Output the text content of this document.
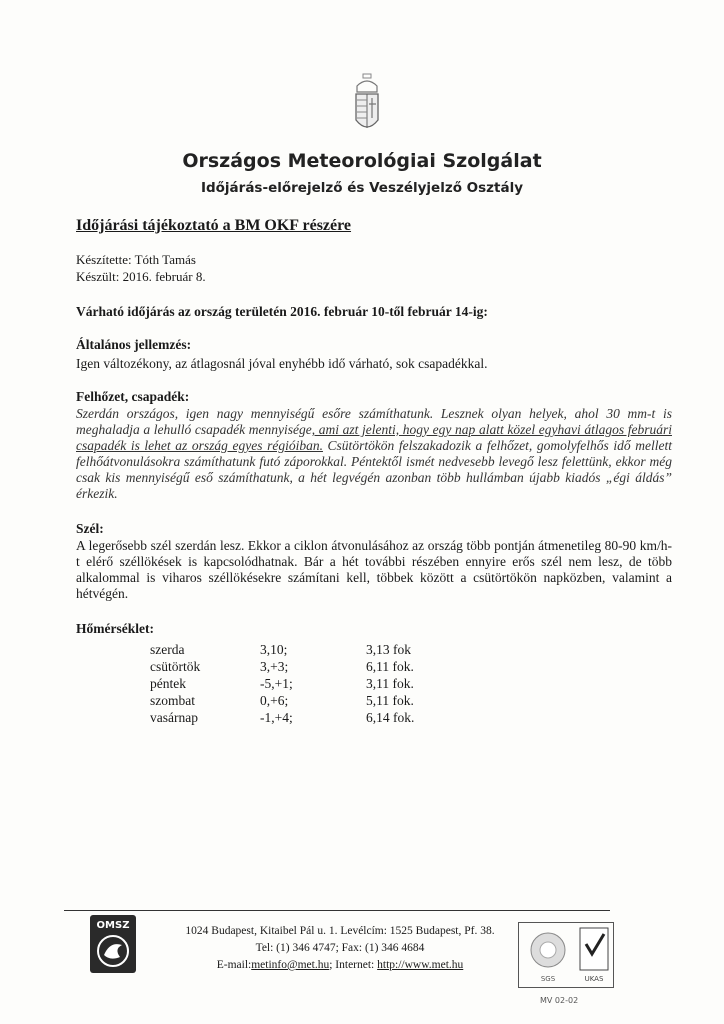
Országos Meteorológiai Szolgálat
Időjárás-előrejelző és Veszélyjelző Osztály
Időjárási tájékoztató a BM OKF részére
Készítette: Tóth Tamás
Készült: 2016. február 8.
Várható időjárás az ország területén 2016. február 10-től február 14-ig:
Általános jellemzés:
Igen változékony, az átlagosnál jóval enyhébb idő várható, sok csapadékkal.
Felhőzet, csapadék:
Szerdán országos, igen nagy mennyiségű esőre számíthatunk. Lesznek olyan helyek, ahol 30 mm-t is meghaladja a lehulló csapadék mennyisége, ami azt jelenti, hogy egy nap alatt közel egyhavi átlagos februári csapadék is lehet az ország egyes régióiban. Csütörtökön felszakadozik a felhőzet, gomolyfelhős idő mellett felhőátvonulásokra számíthatunk futó záporokkal. Péntektől ismét nedvesebb levegő lesz felettünk, ekkor még csak kis mennyiségű eső számíthatunk, a hét legvégén azonban több hullámban újabb kiadós „égi áldás” érkezik.
Szél:
A legerősebb szél szerdán lesz. Ekkor a ciklon átvonulásához az ország több pontján átmenetileg 80-90 km/h-t elérő széllökések is kapcsolódhatnak. Bár a hét további részében ennyire erős szél nem lesz, de több alkalommal is viharos széllökésekre számítani kell, többek között a csütörtökön napközben, valamint a hétvégén.
Hőmérséklet:
szerda	3,10;	3,13 fok
csütörtök	3,+3;	6,11 fok.
péntek	-5,+1;	3,11 fok.
szombat	0,+6;	5,11 fok.
vasárnap	-1,+4;	6,14 fok.
OMSZ	1024 Budapest, Kitaibel Pál u. 1. Levélcím: 1525 Budapest, Pf. 38.
Tel: (1) 346 4747; Fax: (1) 346 4684
E-mail:metinfo@met.hu; Internet: http://www.met.hu
SGS	UKAS
MV 02-02
